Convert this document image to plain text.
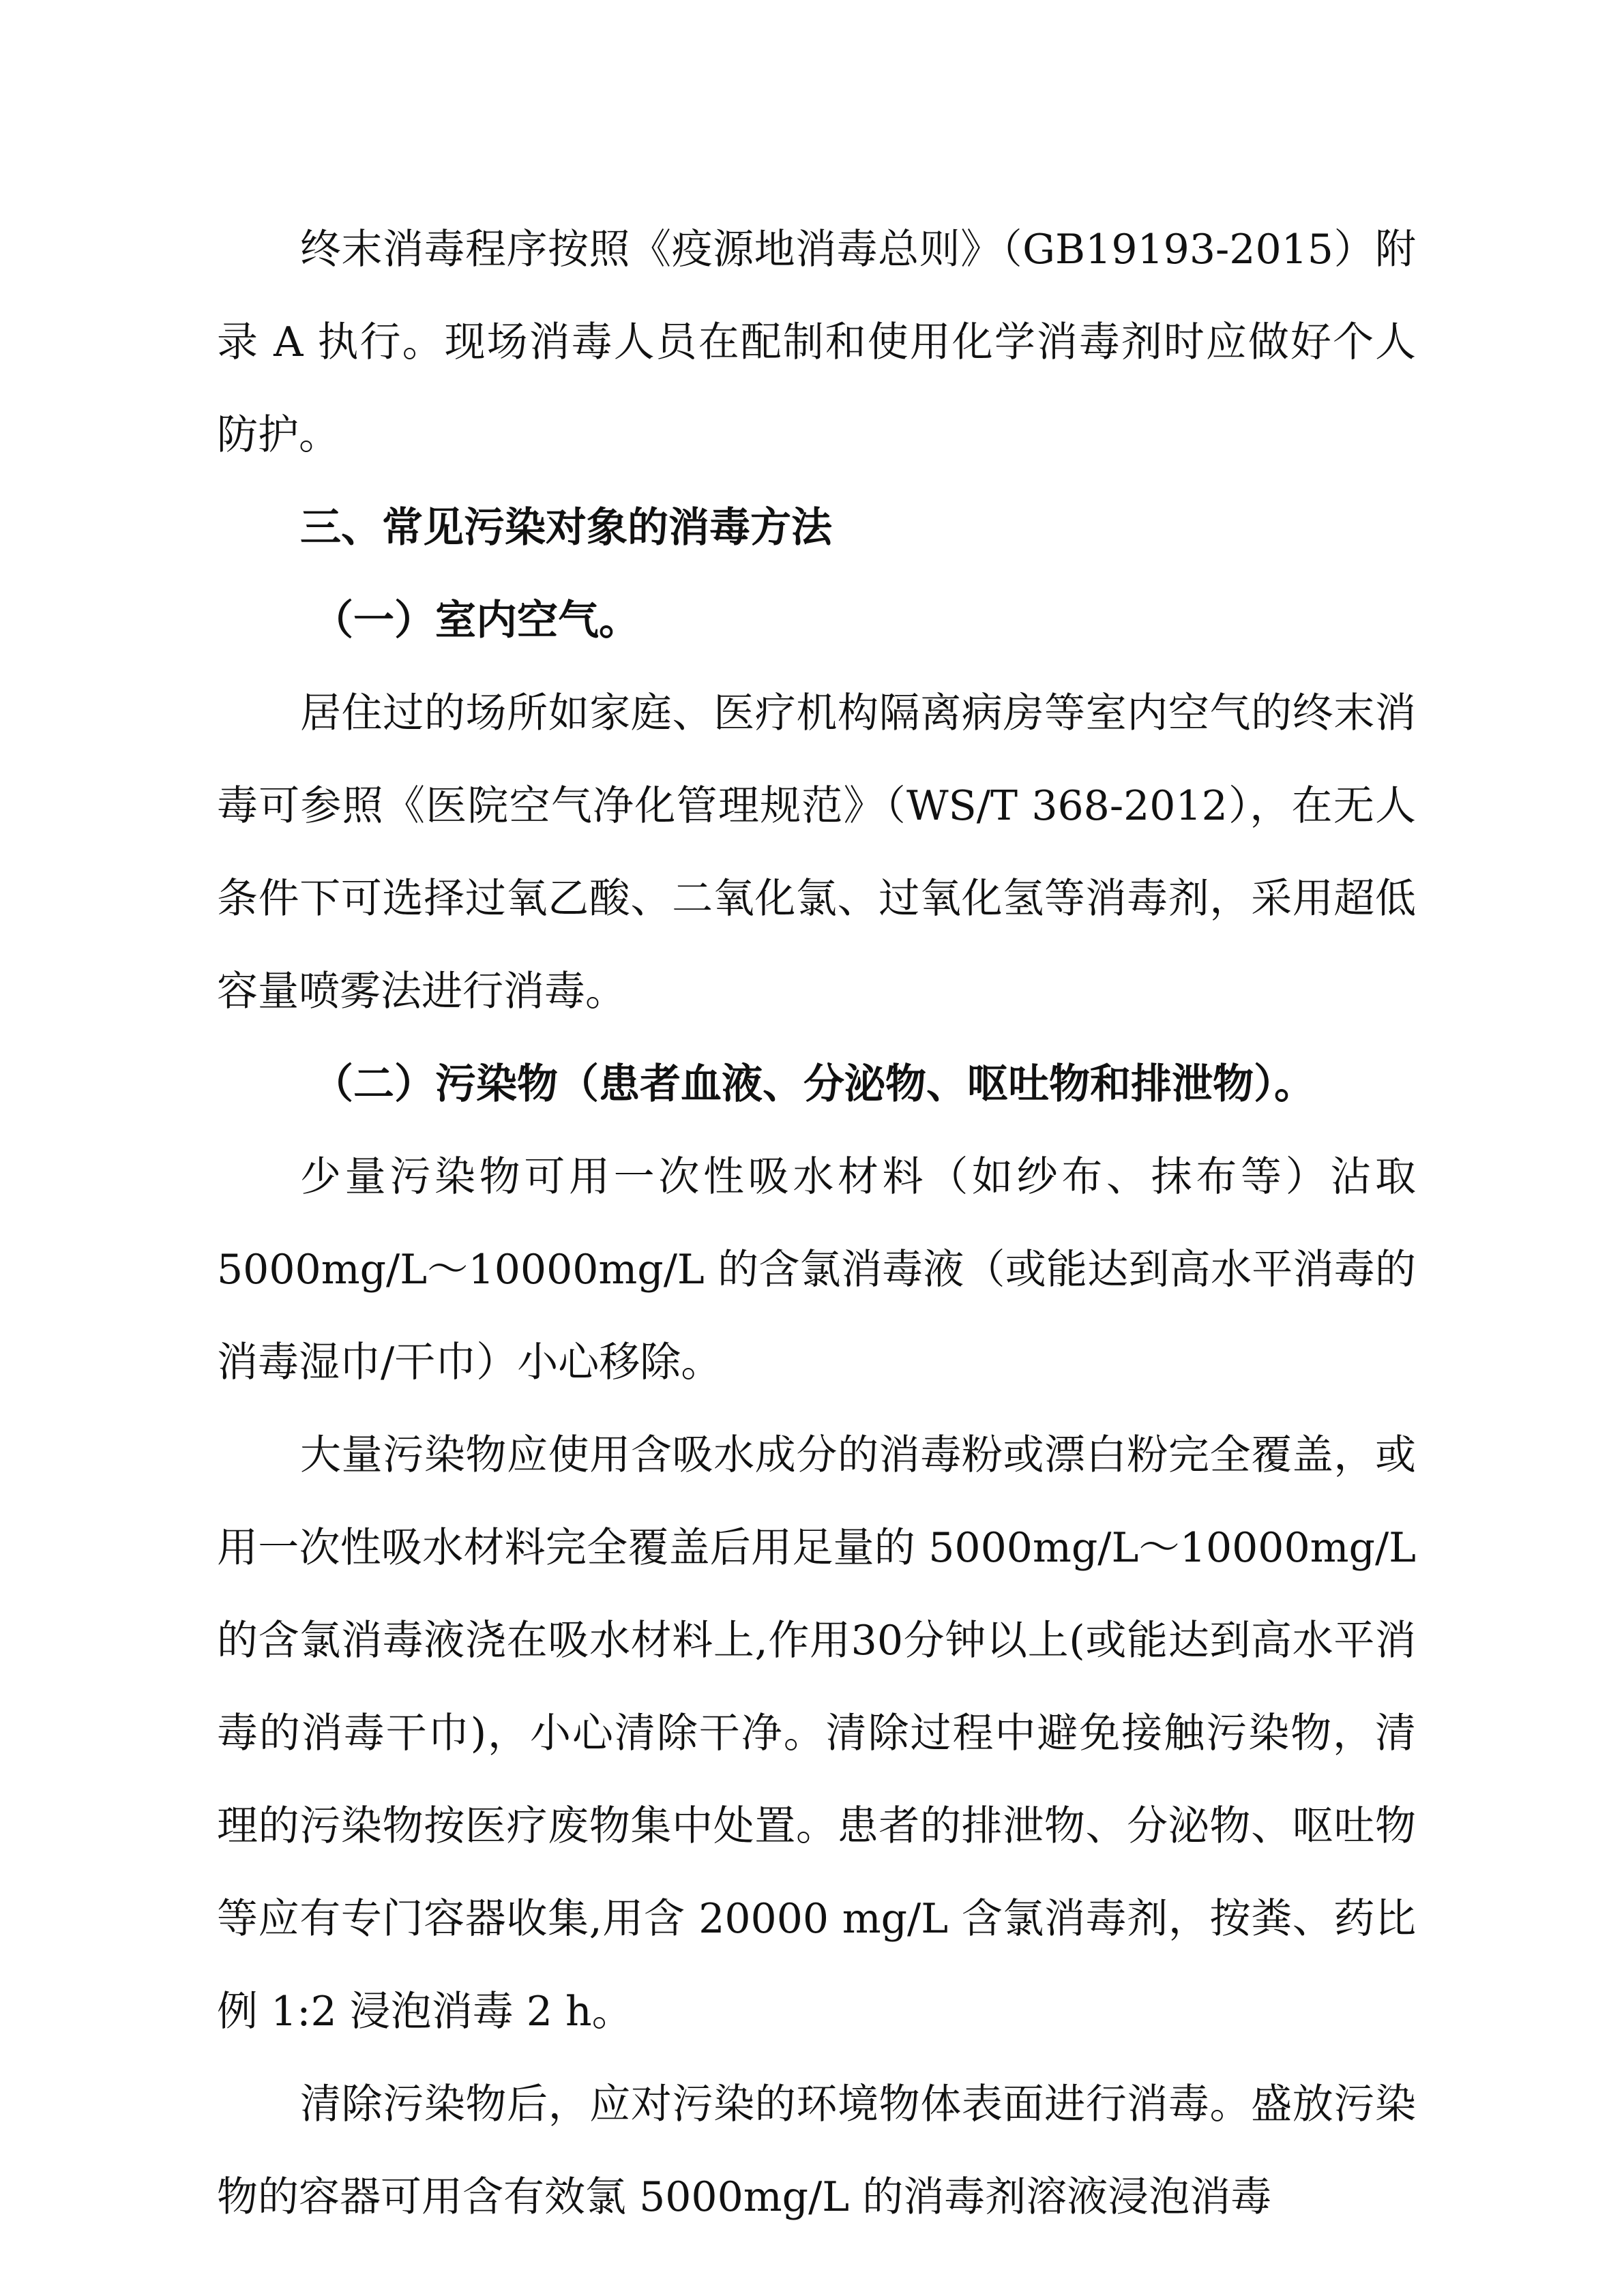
终末消毒程序按照《疫源地消毒总则》（GB19193-2015）附录 A 执行。现场消毒人员在配制和使用化学消毒剂时应做好个人防护。

三、常见污染对象的消毒方法

（一）室内空气。

居住过的场所如家庭、医疗机构隔离病房等室内空气的终末消毒可参照《医院空气净化管理规范》（WS/T 368-2012），在无人条件下可选择过氧乙酸、二氧化氯、过氧化氢等消毒剂，采用超低容量喷雾法进行消毒。

（二）污染物（患者血液、分泌物、呕吐物和排泄物）。

少量污染物可用一次性吸水材料（如纱布、抹布等）沾取5000mg/L～10000mg/L 的含氯消毒液（或能达到高水平消毒的消毒湿巾/干巾）小心移除。

大量污染物应使用含吸水成分的消毒粉或漂白粉完全覆盖，或用一次性吸水材料完全覆盖后用足量的 5000mg/L～10000mg/L的含氯消毒液浇在吸水材料上,作用30分钟以上(或能达到高水平消毒的消毒干巾)，小心清除干净。清除过程中避免接触污染物，清理的污染物按医疗废物集中处置。患者的排泄物、分泌物、呕吐物等应有专门容器收集,用含 20000 mg/L 含氯消毒剂，按粪、药比例 1:2 浸泡消毒 2 h。

清除污染物后，应对污染的环境物体表面进行消毒。盛放污染物的容器可用含有效氯 5000mg/L 的消毒剂溶液浸泡消毒
